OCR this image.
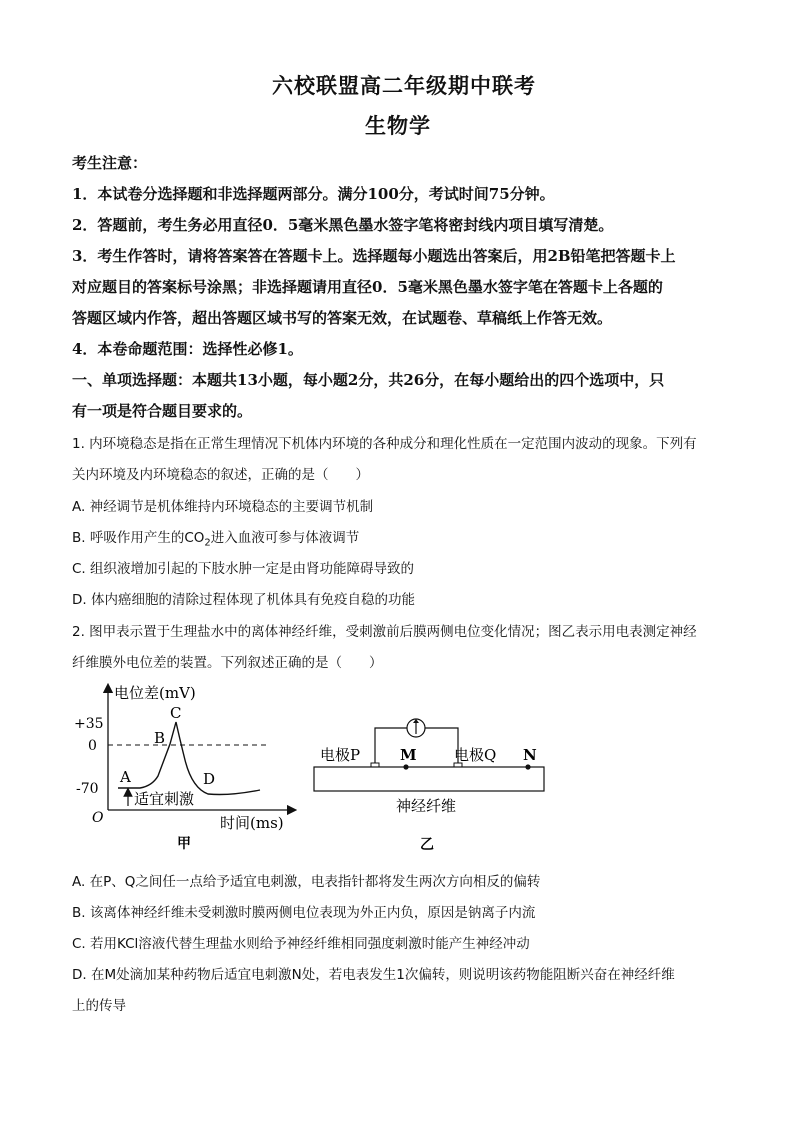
六校联盟高二年级期中联考
生物学
考生注意：
1．本试卷分选择题和非选择题两部分。满分100分，考试时间75分钟。
2．答题前，考生务必用直径0．5毫米黑色墨水签字笔将密封线内项目填写清楚。
3．考生作答时，请将答案答在答题卡上。选择题每小题选出答案后，用2B铅笔把答题卡上
对应题目的答案标号涂黑；非选择题请用直径0．5毫米黑色墨水签字笔在答题卡上各题的
答题区域内作答，超出答题区域书写的答案无效，在试题卷、草稿纸上作答无效。
4．本卷命题范围：选择性必修1。
一、单项选择题：本题共13小题，每小题2分，共26分，在每小题给出的四个选项中，只
有一项是符合题目要求的。
1. 内环境稳态是指在正常生理情况下机体内环境的各种成分和理化性质在一定范围内波动的现象。下列有
关内环境及内环境稳态的叙述，正确的是（　　）
A. 神经调节是机体维持内环境稳态的主要调节机制
B. 呼吸作用产生的$CO_2$进入血液可参与体液调节
C. 组织液增加引起的下肢水肿一定是由肾功能障碍导致的
D. 体内癌细胞的清除过程体现了机体具有免疫自稳的功能
2. 图甲表示置于生理盐水中的离体神经纤维，受刺激前后膜两侧电位变化情况；图乙表示用电表测定神经
纤维膜外电位差的装置。下列叙述正确的是（　　）
电位差(mV)
+35
0
-70
A
B
C
D
适宜刺激
O	时间(ms)
甲
电极P	M 电极Q N
神经纤维
乙
A. 在P、Q之间任一点给予适宜电刺激，电表指针都将发生两次方向相反的偏转
B. 该离体神经纤维未受刺激时膜两侧电位表现为外正内负，原因是钠离子内流
C. 若用KCl溶液代替生理盐水则给予神经纤维相同强度刺激时能产生神经冲动
D. 在M处滴加某种药物后适宜电刺激N处，若电表发生1次偏转，则说明该药物能阻断兴奋在神经纤维
上的传导
